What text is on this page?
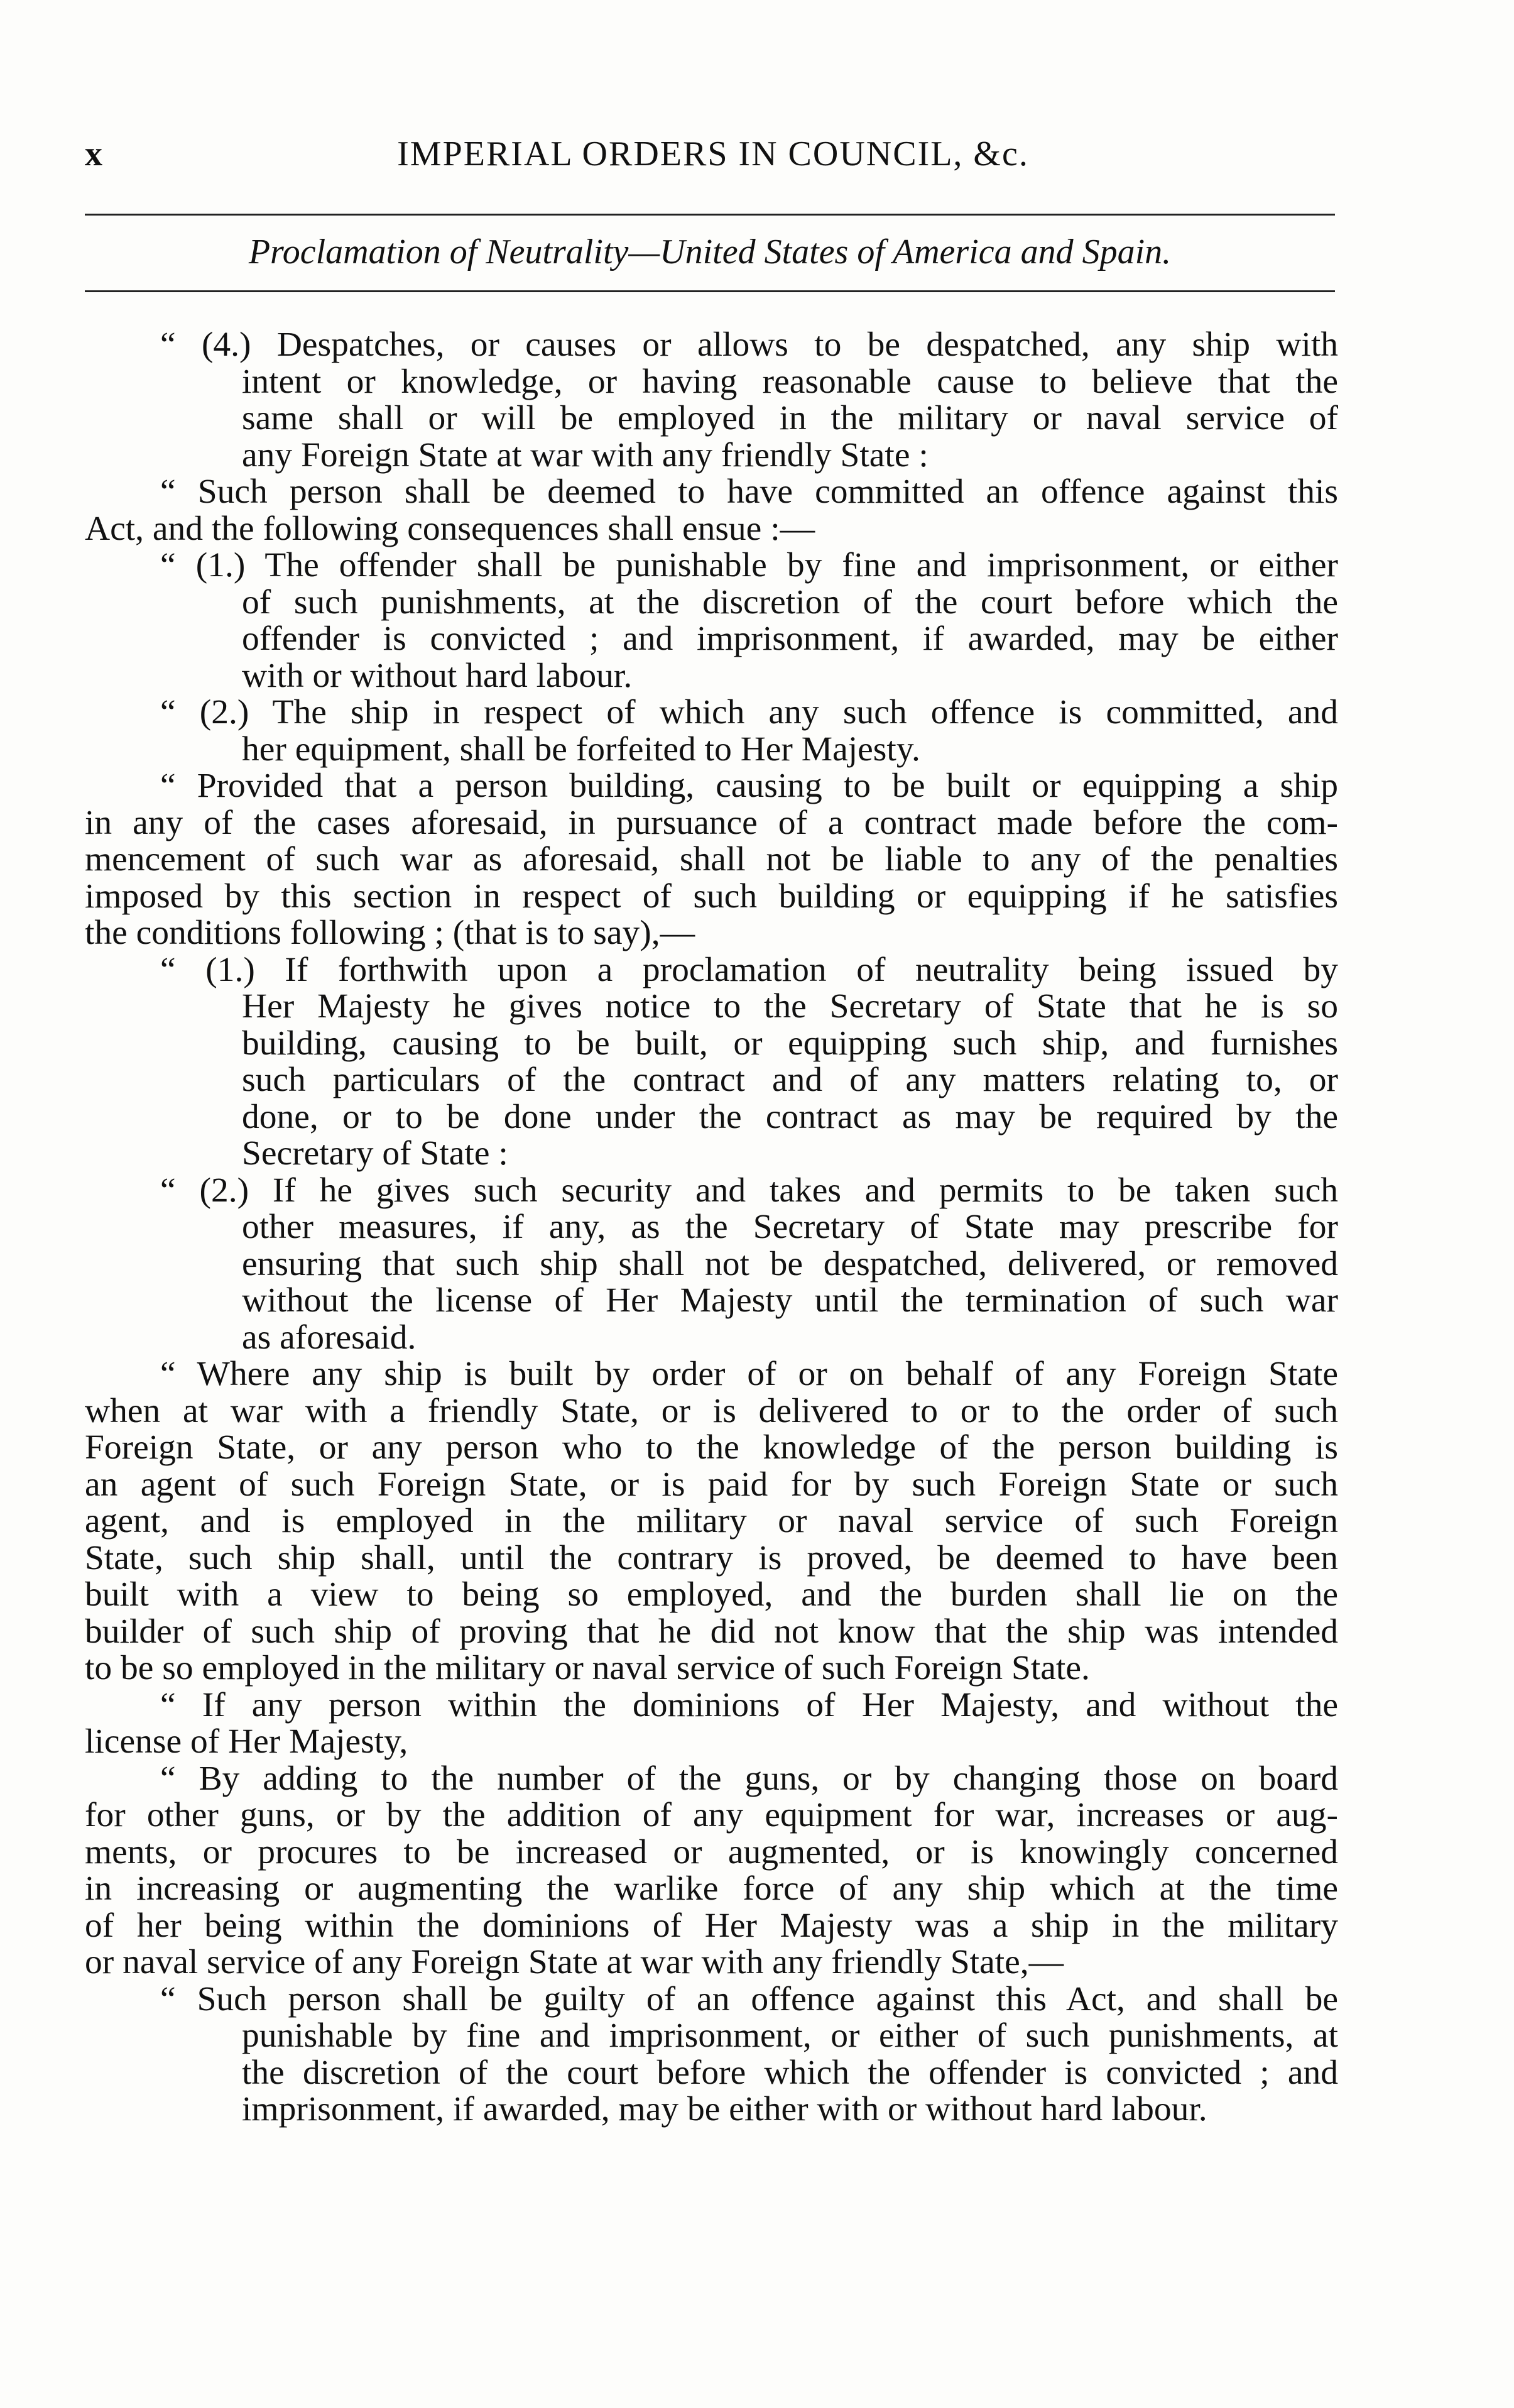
x	IMPERIAL ORDERS IN COUNCIL, &c.
Proclamation of Neutrality—United States of America and Spain.
“ (4.) Despatches, or causes or allows to be despatched, any ship with
intent or knowledge, or having reasonable cause to believe that the
same shall or will be employed in the military or naval service of
any Foreign State at war with any friendly State :
“ Such person shall be deemed to have committed an offence against this
Act, and the following consequences shall ensue :—
“ (1.) The offender shall be punishable by fine and imprisonment, or either
of such punishments, at the discretion of the court before which the
offender is convicted ; and imprisonment, if awarded, may be either
with or without hard labour.
“ (2.) The ship in respect of which any such offence is committed, and
her equipment, shall be forfeited to Her Majesty.
“ Provided that a person building, causing to be built or equipping a ship
in any of the cases aforesaid, in pursuance of a contract made before the com-
mencement of such war as aforesaid, shall not be liable to any of the penalties
imposed by this section in respect of such building or equipping if he satisfies
the conditions following ; (that is to say),—
“ (1.) If forthwith upon a proclamation of neutrality being issued by
Her Majesty he gives notice to the Secretary of State that he is so
building, causing to be built, or equipping such ship, and furnishes
such particulars of the contract and of any matters relating to, or
done, or to be done under the contract as may be required by the
Secretary of State :
“ (2.) If he gives such security and takes and permits to be taken such
other measures, if any, as the Secretary of State may prescribe for
ensuring that such ship shall not be despatched, delivered, or removed
without the license of Her Majesty until the termination of such war
as aforesaid.
“ Where any ship is built by order of or on behalf of any Foreign State
when at war with a friendly State, or is delivered to or to the order of such
Foreign State, or any person who to the knowledge of the person building is
an agent of such Foreign State, or is paid for by such Foreign State or such
agent, and is employed in the military or naval service of such Foreign
State, such ship shall, until the contrary is proved, be deemed to have been
built with a view to being so employed, and the burden shall lie on the
builder of such ship of proving that he did not know that the ship was intended
to be so employed in the military or naval service of such Foreign State.
“ If any person within the dominions of Her Majesty, and without the
license of Her Majesty,
“ By adding to the number of the guns, or by changing those on board
for other guns, or by the addition of any equipment for war, increases or aug-
ments, or procures to be increased or augmented, or is knowingly concerned
in increasing or augmenting the warlike force of any ship which at the time
of her being within the dominions of Her Majesty was a ship in the military
or naval service of any Foreign State at war with any friendly State,—
“ Such person shall be guilty of an offence against this Act, and shall be
punishable by fine and imprisonment, or either of such punishments, at
the discretion of the court before which the offender is convicted ; and
imprisonment, if awarded, may be either with or without hard labour.
